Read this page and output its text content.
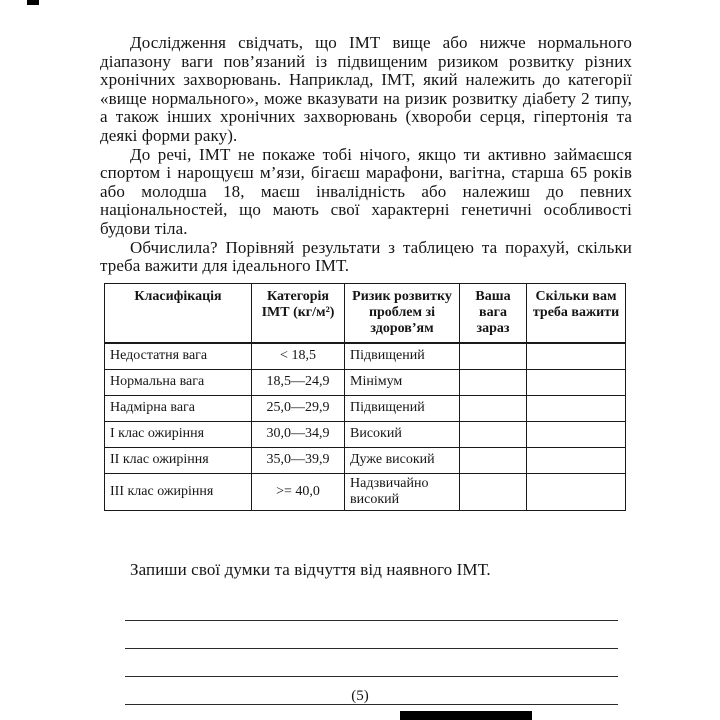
Дослідження свідчать, що ІМТ вище або нижче нормального діапазону ваги пов’язаний із підвищеним ризиком розвитку різних хронічних захворювань. Наприклад, ІМТ, який належить до категорії «вище нормального», може вказувати на ризик розвитку діабету 2 типу, а також інших хронічних захворювань (хвороби серця, гіпертонія та деякі форми раку).

До речі, ІМТ не покаже тобі нічого, якщо ти активно займаєшся спортом і нарощуєш м’язи, бігаєш марафони, вагітна, старша 65 років або молодша 18, маєш інвалідність або належиш до певних національностей, що мають свої характерні генетичні особливості будови тіла.

Обчислила? Порівняй результати з таблицею та порахуй, скільки треба важити для ідеального ІМТ.

Класифікація	Категорія ІМТ (кг/м²)	Ризик розвитку проблем зі здоров’ям	Ваша вага зараз	Скільки вам треба важити
Недостатня вага	< 18,5	Підвищений		
Нормальна вага	18,5—24,9	Мінімум		
Надмірна вага	25,0—29,9	Підвищений		
І клас ожиріння	30,0—34,9	Високий		
ІІ клас ожиріння	35,0—39,9	Дуже високий		
ІІІ клас ожиріння	>= 40,0	Надзвичайно високий		

Запиши свої думки та відчуття від наявного ІМТ.

(5)
